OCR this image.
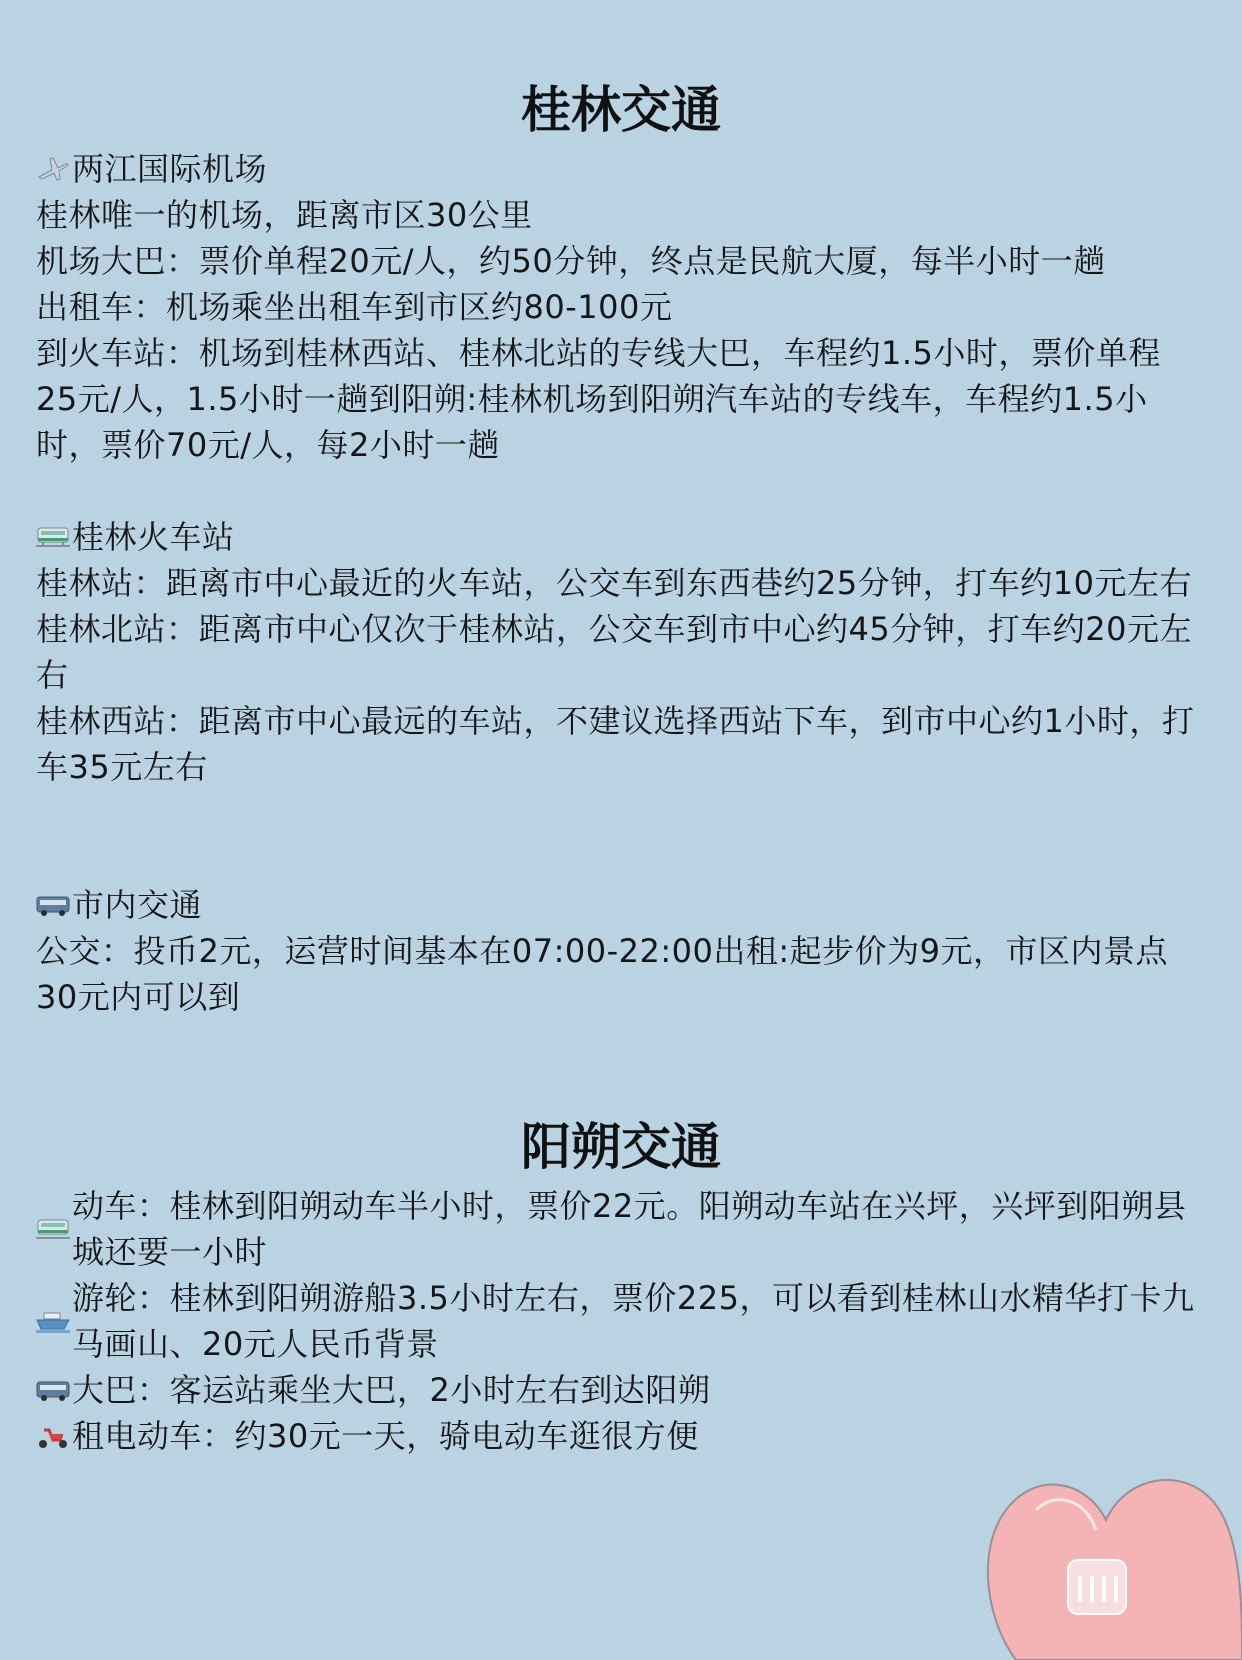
桂林交通
两江国际机场
桂林唯一的机场，距离市区30公里
机场大巴：票价单程20元/人，约50分钟，终点是民航大厦，每半小时一趟
出租车：机场乘坐出租车到市区约80-100元
到火车站：机场到桂林西站、桂林北站的专线大巴，车程约1.5小时，票价单程25元/人，1.5小时一趟到阳朔:桂林机场到阳朔汽车站的专线车，车程约1.5小时，票价70元/人，每2小时一趟
桂林火车站
桂林站：距离市中心最近的火车站，公交车到东西巷约25分钟，打车约10元左右
桂林北站：距离市中心仅次于桂林站，公交车到市中心约45分钟，打车约20元左右
桂林西站：距离市中心最远的车站，不建议选择西站下车，到市中心约1小时，打车35元左右
市内交通
公交：投币2元，运营时间基本在07:00-22:00出租:起步价为9元，市区内景点30元内可以到
阳朔交通
动车：桂林到阳朔动车半小时，票价22元。阳朔动车站在兴坪，兴坪到阳朔县城还要一小时
游轮：桂林到阳朔游船3.5小时左右，票价225，可以看到桂林山水精华打卡九马画山、20元人民币背景
大巴：客运站乘坐大巴，2小时左右到达阳朔
租电动车：约30元一天，骑电动车逛很方便
